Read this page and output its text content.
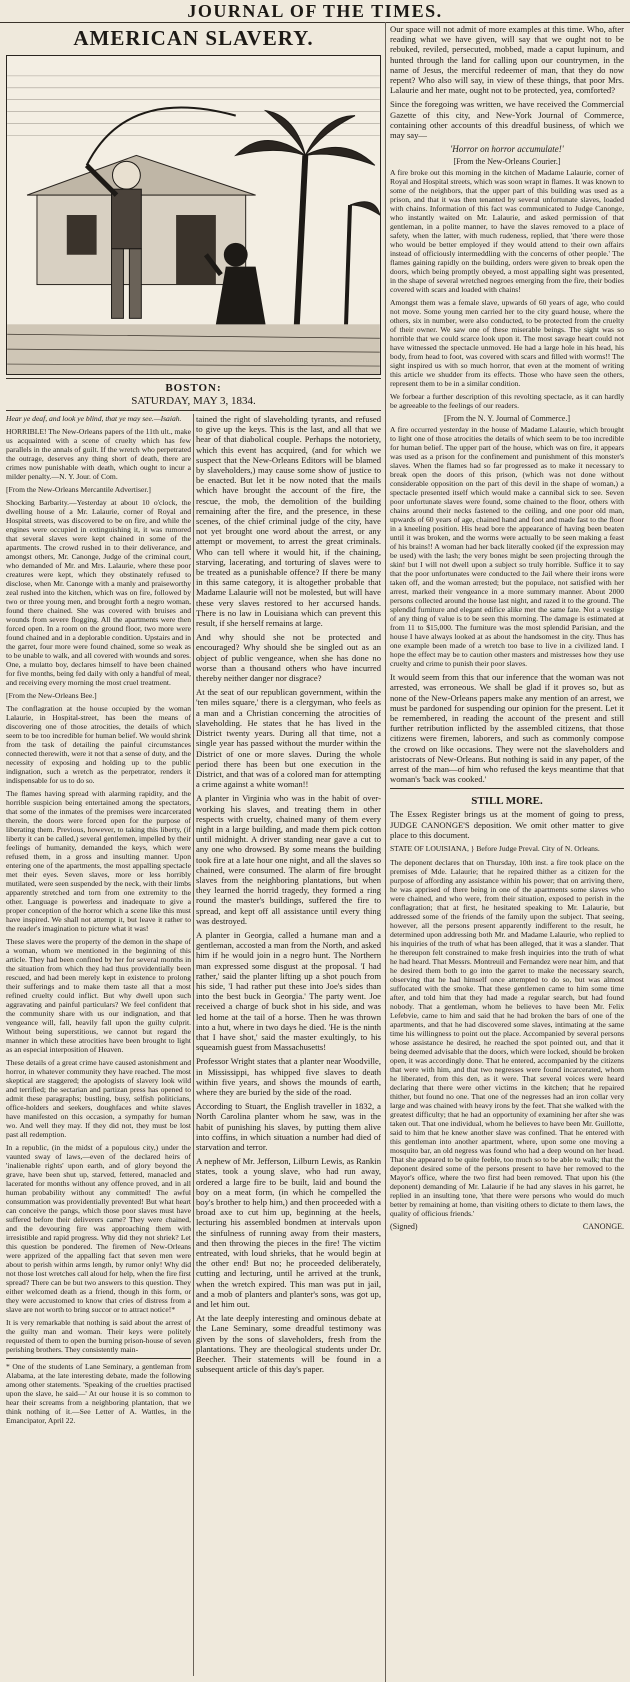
JOURNAL OF THE TIMES.
AMERICAN SLAVERY.
BOSTON:
SATURDAY, MAY 3, 1834.

Hear ye deaf, and look ye blind, that ye may see.—Isaiah.

HORRIBLE! The New-Orleans papers of the 11th ult., make us acquainted with a scene of cruelty which has few parallels in the annals of guilt. If the wretch who perpetrated the outrage, deserves any thing short of death, there are crimes now punishable with death, which ought to incur a milder penalty.—N. Y. Jour. of Com.

[From the New-Orleans Mercantile Advertiser.]

Shocking Barbarity.—Yesterday at about 10 o'clock, the dwelling house of a Mr. Lalaurie, corner of Royal and Hospital streets, was discovered to be on fire, and while the engines were occupied in extinguishing it, it was rumored that several slaves were kept chained in some of the apartments. The crowd rushed in to their deliverance, and amongst others, Mr. Canonge, Judge of the criminal court, who demanded of Mr. and Mrs. Lalaurie, where these poor creatures were kept, which they obstinately refused to disclose, when Mr. Canonge with a manly and praiseworthy zeal rushed into the kitchen, which was on fire, followed by two or three young men, and brought forth a negro woman, found there chained. She was covered with bruises and wounds from severe flogging. All the apartments were then forced open. In a room on the ground floor, two more were found chained and in a deplorable condition. Upstairs and in the garret, four more were found chained, some so weak as to be unable to walk, and all covered with wounds and sores. One, a mulatto boy, declares himself to have been chained for five months, being fed daily with only a handful of meal, and receiving every morning the most cruel treatment.

[From the New-Orleans Bee.]

The conflagration at the house occupied by the woman Lalaurie, in Hospital-street, has been the means of discovering one of those atrocities, the details of which seem to be too incredible for human belief. We would shrink from the task of detailing the painful circumstances connected therewith, were it not that a sense of duty, and the necessity of exposing and holding up to the public indignation, such a wretch as the perpetrator, renders it indispensable for us to do so.

The flames having spread with alarming rapidity, and the horrible suspicion being entertained among the spectators, that some of the inmates of the premises were incarcerated therein, the doors were forced open for the purpose of liberating them. Previous, however, to taking this liberty, (if liberty it can be called,) several gentlemen, impelled by their feelings of humanity, demanded the keys, which were refused them, in a gross and insulting manner. Upon entering one of the apartments, the most appalling spectacle met their eyes. Seven slaves, more or less horribly mutilated, were seen suspended by the neck, with their limbs apparently stretched and torn from one extremity to the other. Language is powerless and inadequate to give a proper conception of the horror which a scene like this must have inspired. We shall not attempt it, but leave it rather to the reader's imagination to picture what it was!

These slaves were the property of the demon in the shape of a woman, whom we mentioned in the beginning of this article. They had been confined by her for several months in the situation from which they had thus providentially been rescued, and had been merely kept in existence to prolong their sufferings and to make them taste all that a most refined cruelty could inflict. But why dwell upon such aggravating and painful particulars? We feel confident that the community share with us our indignation, and that vengeance will, fall, heavily fall upon the guilty culprit. Without being superstitious, we cannot but regard the manner in which these atrocities have been brought to light as an especial interposition of Heaven.

These details of a great crime have caused astonishment and horror, in whatever community they have reached. The most skeptical are staggered; the apologists of slavery look wild and terrified; the sectarian and partizan press has opened to admit these paragraphs; bustling, busy, selfish politicians, office-holders and seekers, doughfaces and white slaves have manifested on this occasion, a sympathy for human wo. And well they may. If they did not, they must be lost past all redemption.

In a republic, (in the midst of a populous city,) under the vaunted sway of laws,—even of the declared heirs of 'inalienable rights' upon earth, and of glory beyond the grave, have been shut up, starved, fettered, manacled and lacerated for months without any offence proved, and in all human probability without any committed! The awful consummation was providentially prevented! But what heart can conceive the pangs, which those poor slaves must have suffered before their deliverers came? They were chained, and the devouring fire was approaching them with irresistible and rapid progress. Why did they not shriek? Let this question be pondered. The firemen of New-Orleans were apprized of the appalling fact that seven men were about to perish within arms length, by rumor only! Why did not those lost wretches call aloud for help, when the fire first spread? There can be but two answers to this question. They either welcomed death as a friend, though in this form, or they were accustomed to know that cries of distress from a slave are not worth to bring succor or to attract notice!*

It is very remarkable that nothing is said about the arrest of the guilty man and woman. Their keys were politely requested of them to open the burning prison-house of seven perishing brothers. They consistently main-

* One of the students of Lane Seminary, a gentleman from Alabama, at the late interesting debate, made the following among other statements. 'Speaking of the cruelties practised upon the slave, he said—' At our house it is so common to hear their screams from a neighboring plantation, that we think nothing of it.—See Letter of A. Wattles, in the Emancipator, April 22.

tained the right of slaveholding tyrants, and refused to give up the keys. This is the last, and all that we hear of that diabolical couple. Perhaps the notoriety, which this event has acquired, (and for which we suspect that the New-Orleans Editors will be blamed by slaveholders,) may cause some show of justice to be enacted. But let it be now noted that the mails which have brought the account of the fire, the rescue, the mob, the demolition of the building remaining after the fire, and the presence, in these scenes, of the chief criminal judge of the city, have not yet brought one word about the arrest, or any attempt or movement, to arrest the great criminals. Who can tell where it would hit, if the chaining, starving, lacerating, and torturing of slaves were to be treated as a punishable offence? If there be many in this same category, it is altogether probable that Madame Lalaurie will not be molested, but will have these very slaves restored to her accursed hands. There is no law in Louisiana which can prevent this result, if she herself remains at large.

And why should she not be protected and encouraged? Why should she be singled out as an object of public vengeance, when she has done no worse than a thousand others who have incurred thereby neither danger nor disgrace?

At the seat of our republican government, within the 'ten miles square,' there is a clergyman, who feels as a man and a Christian concerning the atrocities of slaveholding. He states that he has lived in the District twenty years. During all that time, not a single year has passed without the murder within the District of one or more slaves. During the whole period there has been but one execution in the District, and that was of a colored man for attempting a crime against a white woman!!

A planter in Virginia who was in the habit of over-working his slaves, and treating them in other respects with cruelty, chained many of them every night in a large building, and made them pick cotton until midnight. A driver standing near gave a cut to any one who drowsed. By some means the building took fire at a late hour one night, and all the slaves so chained, were consumed. The alarm of fire brought slaves from the neighboring plantations, but when they learned the horrid tragedy, they formed a ring round the master's buildings, suffered the fire to spread, and kept off all assistance until every thing was destroyed.

A planter in Georgia, called a humane man and a gentleman, accosted a man from the North, and asked him if he would join in a negro hunt. The Northern man expressed some disgust at the proposal. 'I had rather,' said the planter lifting up a shot pouch from his side, 'I had rather put these into Joe's sides than into the best buck in Georgia.' The party went. Joe received a charge of buck shot in his side, and was led home at the tail of a horse. Then he was thrown into a hut, where in two days he died. 'He is the ninth that I have shot,' said the master exultingly, to his squeamish guest from Massachusetts!

Professor Wright states that a planter near Woodville, in Mississippi, has whipped five slaves to death within five years, and shows the mounds of earth, where they are buried by the side of the road.

According to Stuart, the English traveller in 1832, a North Carolina planter whom he saw, was in the habit of punishing his slaves, by putting them alive into coffins, in which situation a number had died of starvation and terror.

A nephew of Mr. Jefferson, Lilburn Lewis, as Rankin states, took a young slave, who had run away, ordered a large fire to be built, laid and bound the boy on a meat form, (in which he compelled the boy's brother to help him,) and then proceeded with a broad axe to cut him up, beginning at the heels, lecturing his assembled bondmen at intervals upon the sinfulness of running away from their masters, and then throwing the pieces in the fire! The victim entreated, with loud shrieks, that he would begin at the other end! But no; he proceeded deliberately, cutting and lecturing, until he arrived at the trunk, when the wretch expired. This man was put in jail, and a mob of planters and planter's sons, was got up, and let him out.

At the late deeply interesting and ominous debate at the Lane Seminary, some dreadful testimony was given by the sons of slaveholders, fresh from the plantations. They are theological students under Dr. Beecher. Their statements will be found in a subsequent article of this day's paper.

Our space will not admit of more examples at this time. Who, after reading what we have given, will say that we ought not to be rebuked, reviled, persecuted, mobbed, made a caput lupinum, and hunted through the land for calling upon our countrymen, in the name of Jesus, the merciful redeemer of man, that they do now repent? Who also will say, in view of these things, that poor Mrs. Lalaurie and her mate, ought not to be protected, yea, comforted?

Since the foregoing was written, we have received the Commercial Gazette of this city, and New-York Journal of Commerce, containing other accounts of this dreadful business, of which we may say—

'Horror on horror accumulate!'
[From the New-Orleans Courier.]

A fire broke out this morning in the kitchen of Madame Lalaurie, corner of Royal and Hospital streets, which was soon wrapt in flames. It was known to some of the neighbors, that the upper part of this building was used as a prison, and that it was then tenanted by several unfortunate slaves, loaded with chains. Information of this fact was communicated to Judge Canonge, who instantly waited on Mr. Lalaurie, and asked permission of that gentleman, in a polite manner, to have the slaves removed to a place of safety, when the latter, with much rudeness, replied, that 'there were those who would be better employed if they would attend to their own affairs instead of officiously intermeddling with the concerns of other people.' The flames gaining rapidly on the building, orders were given to break open the doors, which being promptly obeyed, a most appalling sight was presented, in the shape of several wretched negroes emerging from the fire, their bodies covered with scars and loaded with chains!

Amongst them was a female slave, upwards of 60 years of age, who could not move. Some young men carried her to the city guard house, where the others, six in number, were also conducted, to be protected from the cruelty of their owner. We saw one of these miserable beings. The sight was so horrible that we could scarce look upon it. The most savage heart could not have witnessed the spectacle unmoved. He had a large hole in his head, his body, from head to foot, was covered with scars and filled with worms!! The sight inspired us with so much horror, that even at the moment of writing this article we shudder from its effects. Those who have seen the others, represent them to be in a similar condition.

We forbear a further description of this revolting spectacle, as it can hardly be agreeable to the feelings of our readers.

[From the N. Y. Journal of Commerce.]

A fire occurred yesterday in the house of Madame Lalaurie, which brought to light one of those atrocities the details of which seem to be too incredible for human belief. The upper part of the house, which was on fire, it appears was used as a prison for the confinement and punishment of this monster's slaves. When the flames had so far progressed as to make it necessary to break open the doors of this prison, (which was not done without considerable opposition on the part of this devil in the shape of woman,) a spectacle presented itself which would make a cannibal sick to see. Seven poor unfortunate slaves were found, some chained to the floor, others with chains around their necks fastened to the ceiling, and one poor old man, upwards of 60 years of age, chained hand and foot and made fast to the floor in a kneeling position. His head bore the appearance of having been beaten until it was broken, and the worms were actually to be seen making a feast of his brains!! A woman had her back literally cooked (if the expression may be used) with the lash; the very bones might be seen projecting through the skin! but I will not dwell upon a subject so truly horrible. Suffice it to say that the poor unfortunates were conducted to the Jail where their irons were taken off, and the woman arrested; but the populace, not satisfied with her arrest, marked their vengeance in a more summary manner. About 2000 persons collected around the house last night, and razed it to the ground. The splendid furniture and elegant edifice alike met the same fate. Not a vestige of any thing of value is to be seen this morning. The damage is estimated at from 11 to $15,000. The furniture was the most splendid Parisian, and the house I have always looked at as about the handsomest in the city. Thus has one example been made of a wretch too base to live in a civilized land. I hope the effect may be to caution other masters and mistresses how they use cruelty and crime to punish their poor slaves.

It would seem from this that our inference that the woman was not arrested, was erroneous. We shall be glad if it proves so, but as none of the New-Orleans papers make any mention of an arrest, we must be pardoned for suspending our opinion for the present. Let it be remembered, in reading the account of the present and still further retribution inflicted by the assembled citizens, that those citizens were firemen, laborers, and such as commonly compose the crowd on like occasions. They were not the slaveholders and aristocrats of New-Orleans. But nothing is said in any paper, of the arrest of the man—of him who refused the keys meantime that that woman's 'back was cooked.'

STILL MORE.

The Essex Register brings us at the moment of going to press, JUDGE CANONGE'S deposition. We omit other matter to give place to this document.

STATE OF LOUISIANA, } Before Judge Preval. City of N. Orleans.

The deponent declares that on Thursday, 10th inst. a fire took place on the premises of Mde. Lalaurie; that he repaired thither as a citizen for the purpose of affording any assistance within his power; that on arriving there, he was apprised of there being in one of the apartments some slaves who were chained, and who were, from their situation, exposed to perish in the conflagration; that at first, he hesitated speaking to Mr. Lalaurie, but addressed some of the friends of the family upon the subject. That seeing, however, all the persons present apparently indifferent to the result, he determined upon addressing both Mr. and Madame Lalaurie, who replied to his inquiries of the truth of what has been alleged, that it was a slander. That he thereupon felt constrained to make fresh inquiries into the truth of what he had heard. That Messrs. Montreuil and Fernandez were near him, and that he desired them both to go into the garret to make the necessary search, observing that he had himself once attempted to do so, but was almost suffocated with the smoke. That these gentlemen came to him some time after, and told him that they had made a regular search, but had found nobody. That a gentleman, whom he believes to have been Mr. Felix Lefebvie, came to him and said that he had broken the bars of one of the apartments, and that he had discovered some slaves, intimating at the same time his willingness to point out the place. Accompanied by several persons whose assistance he desired, he reached the spot pointed out, and that it being deemed advisable that the doors, which were locked, should be broken open, it was accordingly done. That he entered, accompanied by the citizens that were with him, and that two negresses were found incarcerated, whom he liberated, from this den, as it were. That several voices were heard declaring that there were other victims in the kitchen; that he repaired thither, but found no one. That one of the negresses had an iron collar very large and was chained with heavy irons by the feet. That she walked with the greatest difficulty; that he had an opportunity of examining her after she was taken out. That one individual, whom he believes to have been Mr. Guillotte, said to him that he knew another slave was confined. That he entered with this gentleman into another apartment, where, upon some one moving a mosquito bar, an old negress was found who had a deep wound on her head. That she appeared to be quite feeble, too much so to be able to walk; that the deponent desired some of the persons present to have her removed to the Mayor's office, where the two first had been removed. That upon his (the deponent) demanding of Mr. Lalaurie if he had any slaves in his garret, he replied in an insulting tone, 'that there were persons who would do much better by remaining at home, than visiting others to dictate to them laws, the quality of officious friends.'

(Signed)	CANONGE.
